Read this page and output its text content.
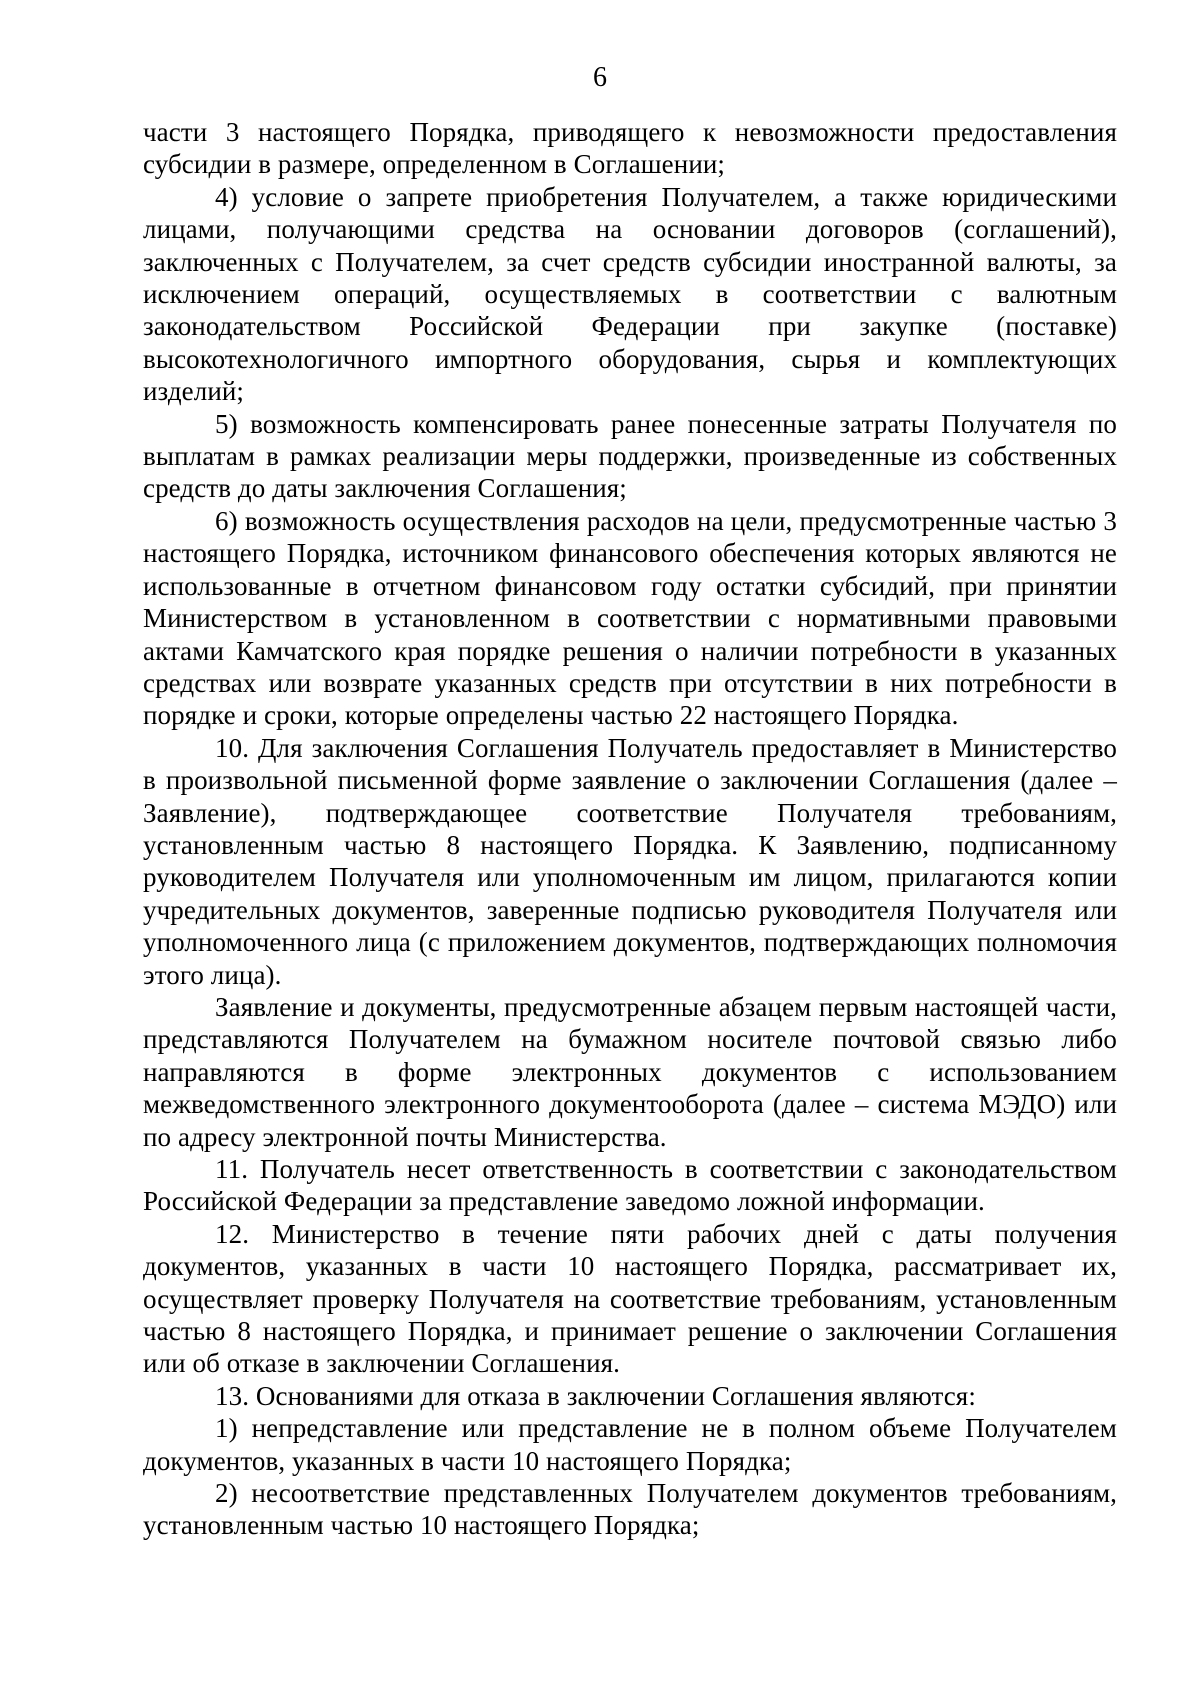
6

части 3 настоящего Порядка, приводящего к невозможности предоставления субсидии в размере, определенном в Соглашении;

4) условие о запрете приобретения Получателем, а также юридическими лицами, получающими средства на основании договоров (соглашений), заключенных с Получателем, за счет средств субсидии иностранной валюты, за исключением операций, осуществляемых в соответствии с валютным законодательством Российской Федерации при закупке (поставке) высокотехнологичного импортного оборудования, сырья и комплектующих изделий;

5) возможность компенсировать ранее понесенные затраты Получателя по выплатам в рамках реализации меры поддержки, произведенные из собственных средств до даты заключения Соглашения;

6) возможность осуществления расходов на цели, предусмотренные частью 3 настоящего Порядка, источником финансового обеспечения которых являются не использованные в отчетном финансовом году остатки субсидий, при принятии Министерством в установленном в соответствии с нормативными правовыми актами Камчатского края порядке решения о наличии потребности в указанных средствах или возврате указанных средств при отсутствии в них потребности в порядке и сроки, которые определены частью 22 настоящего Порядка.

10. Для заключения Соглашения Получатель предоставляет в Министерство в произвольной письменной форме заявление о заключении Соглашения (далее – Заявление), подтверждающее соответствие Получателя требованиям, установленным частью 8 настоящего Порядка. К Заявлению, подписанному руководителем Получателя или уполномоченным им лицом, прилагаются копии учредительных документов, заверенные подписью руководителя Получателя или уполномоченного лица (с приложением документов, подтверждающих полномочия этого лица).

Заявление и документы, предусмотренные абзацем первым настоящей части, представляются Получателем на бумажном носителе почтовой связью либо направляются в форме электронных документов с использованием межведомственного электронного документооборота (далее – система МЭДО) или по адресу электронной почты Министерства.

11. Получатель несет ответственность в соответствии с законодательством Российской Федерации за представление заведомо ложной информации.

12. Министерство в течение пяти рабочих дней с даты получения документов, указанных в части 10 настоящего Порядка, рассматривает их, осуществляет проверку Получателя на соответствие требованиям, установленным частью 8 настоящего Порядка, и принимает решение о заключении Соглашения или об отказе в заключении Соглашения.

13. Основаниями для отказа в заключении Соглашения являются:

1) непредставление или представление не в полном объеме Получателем документов, указанных в части 10 настоящего Порядка;

2) несоответствие представленных Получателем документов требованиям, установленным частью 10 настоящего Порядка;
